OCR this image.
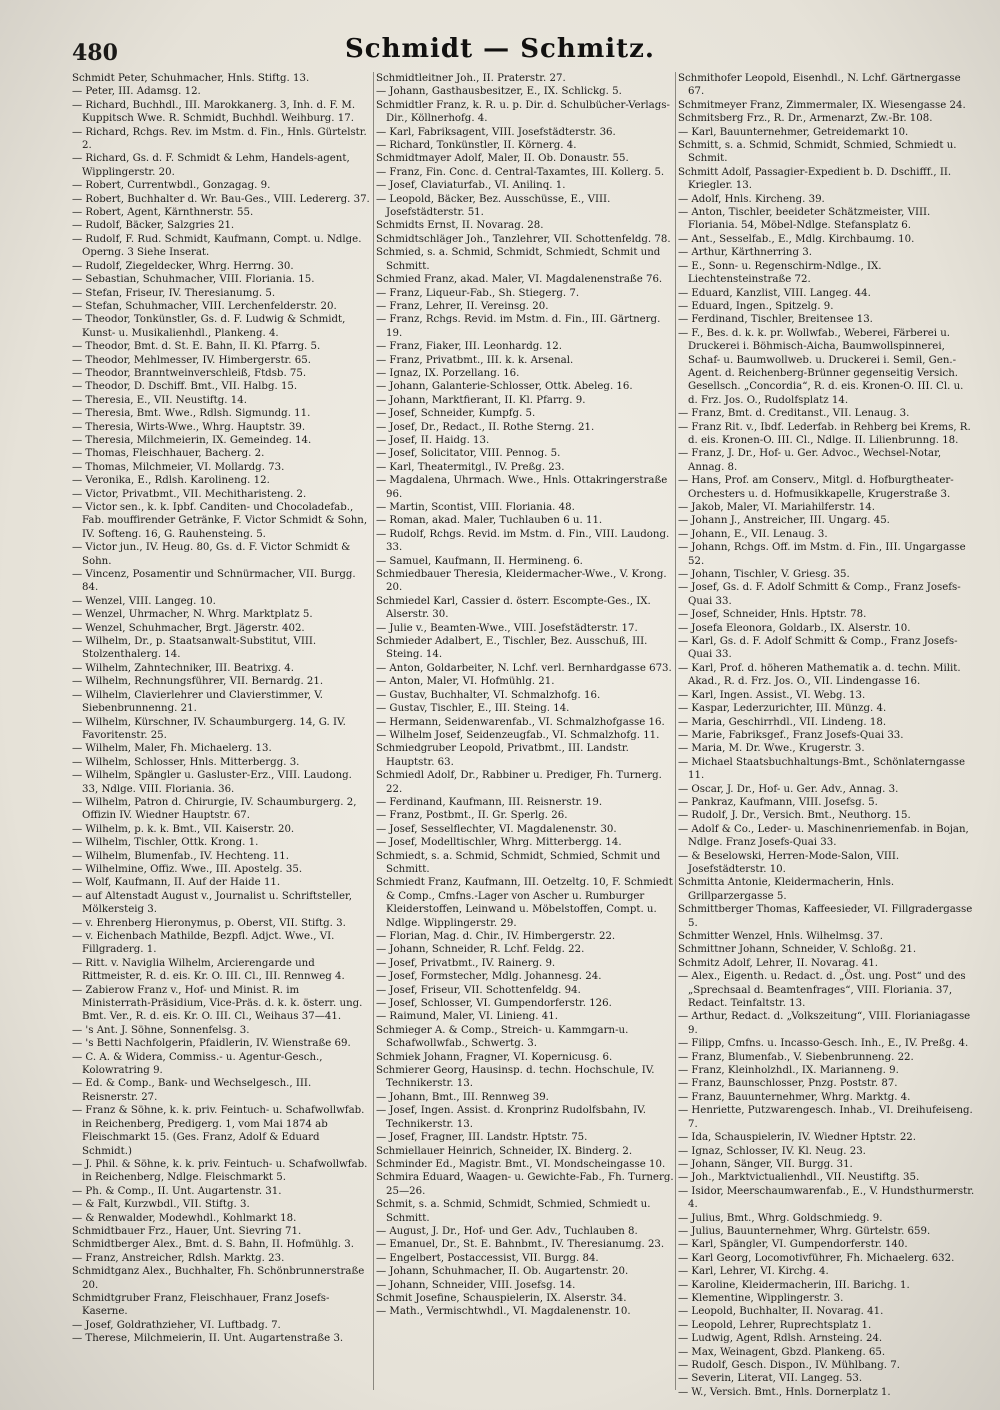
480	Schmidt — Schmitz.

Schmidt Peter, Schuhmacher, Hnls. Stiftg. 13.

— Peter, III. Adamsg. 12.

— Richard, Buchhdl., III. Marokkanerg. 3, Inh. d. F. M. Kuppitsch Wwe. R. Schmidt, Buchhdl. Weihburg. 17.

— Richard, Rchgs. Rev. im Mstm. d. Fin., Hnls. Gürtelstr. 2.

— Richard, Gs. d. F. Schmidt & Lehm, Handels-agent, Wipplingerstr. 20.

— Robert, Currentwbdl., Gonzagag. 9.

— Robert, Buchhalter d. Wr. Bau-Ges., VIII. Ledererg. 37.

— Robert, Agent, Kärnthnerstr. 55.

— Rudolf, Bäcker, Salzgries 21.

— Rudolf, F. Rud. Schmidt, Kaufmann, Compt. u. Ndlge. Operng. 3 Siehe Inserat.

— Rudolf, Ziegeldecker, Whrg. Herrng. 30.

— Sebastian, Schuhmacher, VIII. Floriania. 15.

— Stefan, Friseur, IV. Theresianumg. 5.

— Stefan, Schuhmacher, VIII. Lerchenfelderstr. 20.

— Theodor, Tonkünstler, Gs. d. F. Ludwig & Schmidt, Kunst- u. Musikalienhdl., Plankeng. 4.

— Theodor, Bmt. d. St. E. Bahn, II. Kl. Pfarrg. 5.

— Theodor, Mehlmesser, IV. Himbergerstr. 65.

— Theodor, Branntweinverschleiß, Ftdsb. 75.

— Theodor, D. Dschiff. Bmt., VII. Halbg. 15.

— Theresia, E., VII. Neustiftg. 14.

— Theresia, Bmt. Wwe., Rdlsh. Sigmundg. 11.

— Theresia, Wirts-Wwe., Whrg. Hauptstr. 39.

— Theresia, Milchmeierin, IX. Gemeindeg. 14.

— Thomas, Fleischhauer, Bacherg. 2.

— Thomas, Milchmeier, VI. Mollardg. 73.

— Veronika, E., Rdlsh. Karolineng. 12.

— Victor, Privatbmt., VII. Mechitharisteng. 2.

— Victor sen., k. k. Ipbf. Canditen- und Chocoladefab., Fab. mouffirender Getränke, F. Victor Schmidt & Sohn, IV. Softeng. 16, G. Rauhensteing. 5.

— Victor jun., IV. Heug. 80, Gs. d. F. Victor Schmidt & Sohn.

— Vincenz, Posamentir und Schnürmacher, VII. Burgg. 84.

— Wenzel, VIII. Langeg. 10.

— Wenzel, Uhrmacher, N. Whrg. Marktplatz 5.

— Wenzel, Schuhmacher, Brgt. Jägerstr. 402.

— Wilhelm, Dr., p. Staatsanwalt-Substitut, VIII. Stolzenthalerg. 14.

— Wilhelm, Zahntechniker, III. Beatrixg. 4.

— Wilhelm, Rechnungsführer, VII. Bernardg. 21.

— Wilhelm, Clavierlehrer und Clavierstimmer, V. Siebenbrunnenng. 21.

— Wilhelm, Kürschner, IV. Schaumburgerg. 14, G. IV. Favoritenstr. 25.

— Wilhelm, Maler, Fh. Michaelerg. 13.

— Wilhelm, Schlosser, Hnls. Mitterbergg. 3.

— Wilhelm, Spängler u. Gasluster-Erz., VIII. Laudong. 33, Ndlge. VIII. Floriania. 36.

— Wilhelm, Patron d. Chirurgie, IV. Schaumburgerg. 2, Offizin IV. Wiedner Hauptstr. 67.

— Wilhelm, p. k. k. Bmt., VII. Kaiserstr. 20.

— Wilhelm, Tischler, Ottk. Krong. 1.

— Wilhelm, Blumenfab., IV. Hechteng. 11.

— Wilhelmine, Offiz. Wwe., III. Apostelg. 35.

— Wolf, Kaufmann, II. Auf der Haide 11.

— auf Altenstadt August v., Journalist u. Schriftsteller, Mölkersteig 3.

— v. Ehrenberg Hieronymus, p. Oberst, VII. Stiftg. 3.

— v. Eichenbach Mathilde, Bezpfl. Adjct. Wwe., VI. Fillgraderg. 1.

— Ritt. v. Naviglia Wilhelm, Arcierengarde und Rittmeister, R. d. eis. Kr. O. III. Cl., III. Rennweg 4.

— Zabierow Franz v., Hof- und Minist. R. im Ministerrath-Präsidium, Vice-Präs. d. k. k. österr. ung. Bmt. Ver., R. d. eis. Kr. O. III. Cl., Weihaus 37—41.

— 's Ant. J. Söhne, Sonnenfelsg. 3.

— 's Betti Nachfolgerin, Pfaidlerin, IV. Wienstraße 69.

— C. A. & Widera, Commiss.- u. Agentur-Gesch., Kolowratring 9.

— Ed. & Comp., Bank- und Wechselgesch., III. Reisnerstr. 27.

— Franz & Söhne, k. k. priv. Feintuch- u. Schafwollwfab. in Reichenberg, Predigerg. 1, vom Mai 1874 ab Fleischmarkt 15. (Ges. Franz, Adolf & Eduard Schmidt.)

— J. Phil. & Söhne, k. k. priv. Feintuch- u. Schafwollwfab. in Reichenberg, Ndlge. Fleischmarkt 5.

— Ph. & Comp., II. Unt. Augartenstr. 31.

— & Falt, Kurzwbdl., VII. Stiftg. 3.

— & Renwalder, Modewhdl., Kohlmarkt 18.

Schmidtbauer Frz., Hauer, Unt. Sievring 71.

Schmidtberger Alex., Bmt. d. S. Bahn, II. Hofmühlg. 3.

— Franz, Anstreicher, Rdlsh. Marktg. 23.

Schmidtganz Alex., Buchhalter, Fh. Schönbrunnerstraße 20.

Schmidtgruber Franz, Fleischhauer, Franz Josefs-Kaserne.

— Josef, Goldrathzieher, VI. Luftbadg. 7.

— Therese, Milchmeierin, II. Unt. Augartenstraße 3.

Schmidtleitner Joh., II. Praterstr. 27.

— Johann, Gasthausbesitzer, E., IX. Schlickg. 5.

Schmidtler Franz, k. R. u. p. Dir. d. Schulbücher-Verlags-Dir., Köllnerhofg. 4.

— Karl, Fabriksagent, VIII. Josefstädterstr. 36.

— Richard, Tonkünstler, II. Körnerg. 4.

Schmidtmayer Adolf, Maler, II. Ob. Donaustr. 55.

— Franz, Fin. Conc. d. Central-Taxamtes, III. Kollerg. 5.

— Josef, Claviaturfab., VI. Anilinq. 1.

— Leopold, Bäcker, Bez. Ausschüsse, E., VIII. Josefstädterstr. 51.

Schmidts Ernst, II. Novarag. 28.

Schmidtschläger Joh., Tanzlehrer, VII. Schottenfeldg. 78.

Schmied, s. a. Schmid, Schmidt, Schmiedt, Schmit und Schmitt.

Schmied Franz, akad. Maler, VI. Magdalenenstraße 76.

— Franz, Liqueur-Fab., Sh. Stiegerg. 7.

— Franz, Lehrer, II. Vereinsg. 20.

— Franz, Rchgs. Revid. im Mstm. d. Fin., III. Gärtnerg. 19.

— Franz, Fiaker, III. Leonhardg. 12.

— Franz, Privatbmt., III. k. k. Arsenal.

— Ignaz, IX. Porzellang. 16.

— Johann, Galanterie-Schlosser, Ottk. Abeleg. 16.

— Johann, Marktfierant, II. Kl. Pfarrg. 9.

— Josef, Schneider, Kumpfg. 5.

— Josef, Dr., Redact., II. Rothe Sterng. 21.

— Josef, II. Haidg. 13.

— Josef, Solicitator, VIII. Pennog. 5.

— Karl, Theatermitgl., IV. Preßg. 23.

— Magdalena, Uhrmach. Wwe., Hnls. Ottakringerstraße 96.

— Martin, Scontist, VIII. Floriania. 48.

— Roman, akad. Maler, Tuchlauben 6 u. 11.

— Rudolf, Rchgs. Revid. im Mstm. d. Fin., VIII. Laudong. 33.

— Samuel, Kaufmann, II. Hermineng. 6.

Schmiedbauer Theresia, Kleidermacher-Wwe., V. Krong. 20.

Schmiedel Karl, Cassier d. österr. Escompte-Ges., IX. Alserstr. 30.

— Julie v., Beamten-Wwe., VIII. Josefstädterstr. 17.

Schmieder Adalbert, E., Tischler, Bez. Ausschuß, III. Steing. 14.

— Anton, Goldarbeiter, N. Lchf. verl. Bernhardgasse 673.

— Anton, Maler, VI. Hofmühlg. 21.

— Gustav, Buchhalter, VI. Schmalzhofg. 16.

— Gustav, Tischler, E., III. Steing. 14.

— Hermann, Seidenwarenfab., VI. Schmalzhofgasse 16.

— Wilhelm Josef, Seidenzeugfab., VI. Schmalzhofg. 11.

Schmiedgruber Leopold, Privatbmt., III. Landstr. Hauptstr. 63.

Schmiedl Adolf, Dr., Rabbiner u. Prediger, Fh. Turnerg. 22.

— Ferdinand, Kaufmann, III. Reisnerstr. 19.

— Franz, Postbmt., II. Gr. Sperlg. 26.

— Josef, Sesselflechter, VI. Magdalenenstr. 30.

— Josef, Modelltischler, Whrg. Mitterbergg. 14.

Schmiedt, s. a. Schmid, Schmidt, Schmied, Schmit und Schmitt.

Schmiedt Franz, Kaufmann, III. Oetzeltg. 10, F. Schmiedt & Comp., Cmfns.-Lager von Ascher u. Rumburger Kleiderstoffen, Leinwand u. Möbelstoffen, Compt. u. Ndlge. Wipplingerstr. 29.

— Florian, Mag. d. Chir., IV. Himbergerstr. 22.

— Johann, Schneider, R. Lchf. Feldg. 22.

— Josef, Privatbmt., IV. Rainerg. 9.

— Josef, Formstecher, Mdlg. Johannesg. 24.

— Josef, Friseur, VII. Schottenfeldg. 94.

— Josef, Schlosser, VI. Gumpendorferstr. 126.

— Raimund, Maler, VI. Linieng. 41.

Schmieger A. & Comp., Streich- u. Kammgarn-u. Schafwollwfab., Schwertg. 3.

Schmiek Johann, Fragner, VI. Kopernicusg. 6.

Schmierer Georg, Hausinsp. d. techn. Hochschule, IV. Technikerstr. 13.

— Johann, Bmt., III. Rennweg 39.

— Josef, Ingen. Assist. d. Kronprinz Rudolfsbahn, IV. Technikerstr. 13.

— Josef, Fragner, III. Landstr. Hptstr. 75.

Schmiellauer Heinrich, Schneider, IX. Binderg. 2.

Schminder Ed., Magistr. Bmt., VI. Mondscheingasse 10.

Schmira Eduard, Waagen- u. Gewichte-Fab., Fh. Turnerg. 25—26.

Schmit, s. a. Schmid, Schmidt, Schmied, Schmiedt u. Schmitt.

— August, J. Dr., Hof- und Ger. Adv., Tuchlauben 8.

— Emanuel, Dr., St. E. Bahnbmt., IV. Theresianumg. 23.

— Engelbert, Postaccessist, VII. Burgg. 84.

— Johann, Schuhmacher, II. Ob. Augartenstr. 20.

— Johann, Schneider, VIII. Josefsg. 14.

Schmit Josefine, Schauspielerin, IX. Alserstr. 34.

— Math., Vermischtwhdl., VI. Magdalenenstr. 10.

Schmithofer Leopold, Eisenhdl., N. Lchf. Gärtnergasse 67.

Schmitmeyer Franz, Zimmermaler, IX. Wiesengasse 24.

Schmitsberg Frz., R. Dr., Armenarzt, Zw.-Br. 108.

— Karl, Bauunternehmer, Getreidemarkt 10.

Schmitt, s. a. Schmid, Schmidt, Schmied, Schmiedt u. Schmit.

Schmitt Adolf, Passagier-Expedient b. D. Dschifff., II. Kriegler. 13.

— Adolf, Hnls. Kircheng. 39.

— Anton, Tischler, beeideter Schätzmeister, VIII. Floriania. 54, Möbel-Ndlge. Stefansplatz 6.

— Ant., Sesselfab., E., Mdlg. Kirchbaumg. 10.

— Arthur, Kärthnerring 3.

— E., Sonn- u. Regenschirm-Ndlge., IX. Liechtensteinstraße 72.

— Eduard, Kanzlist, VIII. Langeg. 44.

— Eduard, Ingen., Spitzelg. 9.

— Ferdinand, Tischler, Breitensee 13.

— F., Bes. d. k. k. pr. Wollwfab., Weberei, Färberei u. Druckerei i. Böhmisch-Aicha, Baumwollspinnerei, Schaf- u. Baumwollweb. u. Druckerei i. Semil, Gen.-Agent. d. Reichenberg-Brünner gegenseitig Versich. Gesellsch. „Concordia“, R. d. eis. Kronen-O. III. Cl. u. d. Frz. Jos. O., Rudolfsplatz 14.

— Franz, Bmt. d. Creditanst., VII. Lenaug. 3.

— Franz Rit. v., Ibdf. Lederfab. in Rehberg bei Krems, R. d. eis. Kronen-O. III. Cl., Ndlge. II. Lilienbrunng. 18.

— Franz, J. Dr., Hof- u. Ger. Advoc., Wechsel-Notar, Annag. 8.

— Hans, Prof. am Conserv., Mitgl. d. Hofburgtheater-Orchesters u. d. Hofmusikkapelle, Krugerstraße 3.

— Jakob, Maler, VI. Mariahilferstr. 14.

— Johann J., Anstreicher, III. Ungarg. 45.

— Johann, E., VII. Lenaug. 3.

— Johann, Rchgs. Off. im Mstm. d. Fin., III. Ungargasse 52.

— Johann, Tischler, V. Griesg. 35.

— Josef, Gs. d. F. Adolf Schmitt & Comp., Franz Josefs-Quai 33.

— Josef, Schneider, Hnls. Hptstr. 78.

— Josefa Eleonora, Goldarb., IX. Alserstr. 10.

— Karl, Gs. d. F. Adolf Schmitt & Comp., Franz Josefs-Quai 33.

— Karl, Prof. d. höheren Mathematik a. d. techn. Milit. Akad., R. d. Frz. Jos. O., VII. Lindengasse 16.

— Karl, Ingen. Assist., VI. Webg. 13.

— Kaspar, Lederzurichter, III. Münzg. 4.

— Maria, Geschirrhdl., VII. Lindeng. 18.

— Marie, Fabriksgef., Franz Josefs-Quai 33.

— Maria, M. Dr. Wwe., Krugerstr. 3.

— Michael Staatsbuchhaltungs-Bmt., Schönlaterngasse 11.

— Oscar, J. Dr., Hof- u. Ger. Adv., Annag. 3.

— Pankraz, Kaufmann, VIII. Josefsg. 5.

— Rudolf, J. Dr., Versich. Bmt., Neuthorg. 15.

— Adolf & Co., Leder- u. Maschinenriemenfab. in Bojan, Ndlge. Franz Josefs-Quai 33.

— & Beselowski, Herren-Mode-Salon, VIII. Josefstädterstr. 10.

Schmitta Antonie, Kleidermacherin, Hnls. Grillparzergasse 5.

Schmittberger Thomas, Kaffeesieder, VI. Fillgradergasse 5.

Schmitter Wenzel, Hnls. Wilhelmsg. 37.

Schmittner Johann, Schneider, V. Schloßg. 21.

Schmitz Adolf, Lehrer, II. Novarag. 41.

— Alex., Eigenth. u. Redact. d. „Öst. ung. Post“ und des „Sprechsaal d. Beamtenfrages“, VIII. Floriania. 37, Redact. Teinfaltstr. 13.

— Arthur, Redact. d. „Volkszeitung“, VIII. Florianiagasse 9.

— Filipp, Cmfns. u. Incasso-Gesch. Inh., E., IV. Preßg. 4.

— Franz, Blumenfab., V. Siebenbrunneng. 22.

— Franz, Kleinholzhdl., IX. Marianneng. 9.

— Franz, Baunschlosser, Pnzg. Poststr. 87.

— Franz, Bauunternehmer, Whrg. Marktg. 4.

— Henriette, Putzwarengesch. Inhab., VI. Dreihufeiseng. 7.

— Ida, Schauspielerin, IV. Wiedner Hptstr. 22.

— Ignaz, Schlosser, IV. Kl. Neug. 23.

— Johann, Sänger, VII. Burgg. 31.

— Joh., Marktvictualienhdl., VII. Neustiftg. 35.

— Isidor, Meerschaumwarenfab., E., V. Hundsthurmerstr. 4.

— Julius, Bmt., Whrg. Goldschmiedg. 9.

— Julius, Bauunternehmer, Whrg. Gürtelstr. 659.

— Karl, Spängler, VI. Gumpendorferstr. 140.

— Karl Georg, Locomotivführer, Fh. Michaelerg. 632.

— Karl, Lehrer, VI. Kirchg. 4.

— Karoline, Kleidermacherin, III. Barichg. 1.

— Klementine, Wipplingerstr. 3.

— Leopold, Buchhalter, II. Novarag. 41.

— Leopold, Lehrer, Ruprechtsplatz 1.

— Ludwig, Agent, Rdlsh. Arnsteing. 24.

— Max, Weinagent, Gbzd. Plankeng. 65.

— Rudolf, Gesch. Dispon., IV. Mühlbang. 7.

— Severin, Literat, VII. Langeg. 53.

— W., Versich. Bmt., Hnls. Dornerplatz 1.
